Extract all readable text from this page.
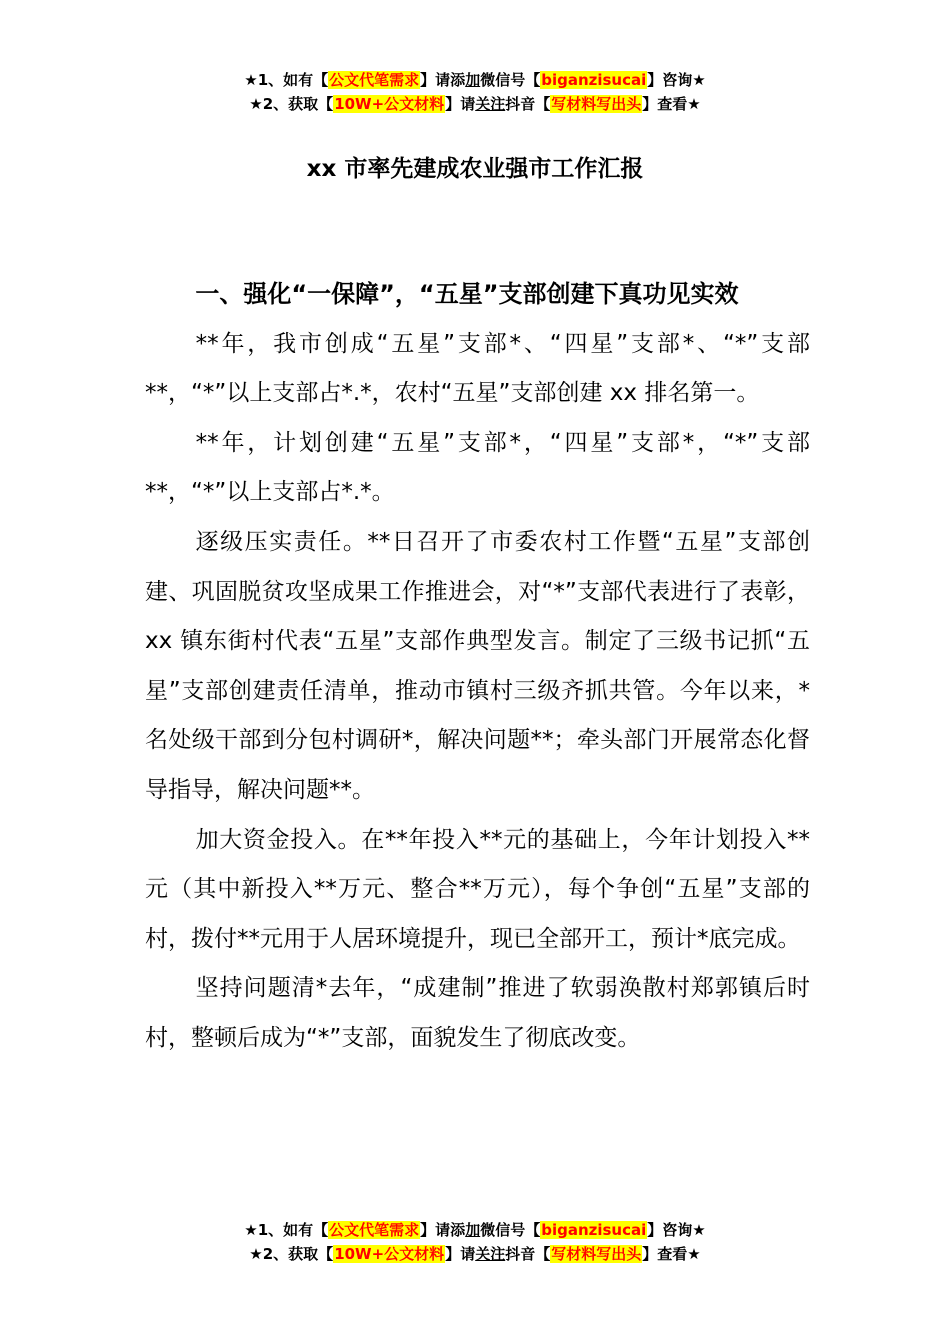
★1、如有【公文代笔需求】请添加微信号【biganzisucai】咨询★
★2、获取【10W+公文材料】请关注抖音【写材料写出头】查看★
xx 市率先建成农业强市工作汇报
一、强化“一保障”，“五星”支部创建下真功见实效

**年，我市创成“五星”支部*、“四星”支部*、“*”支部**，“*”以上支部占*.*，农村“五星”支部创建 xx 排名第一。

**年，计划创建“五星”支部*，“四星”支部*，“*”支部**，“*”以上支部占*.*。

逐级压实责任。**日召开了市委农村工作暨“五星”支部创建、巩固脱贫攻坚成果工作推进会，对“*”支部代表进行了表彰，xx 镇东街村代表“五星”支部作典型发言。制定了三级书记抓“五星”支部创建责任清单，推动市镇村三级齐抓共管。今年以来，*名处级干部到分包村调研*，解决问题**；牵头部门开展常态化督导指导，解决问题**。

加大资金投入。在**年投入**元的基础上，今年计划投入**元（其中新投入**万元、整合**万元），每个争创“五星”支部的村，拨付**元用于人居环境提升，现已全部开工，预计*底完成。

坚持问题清*去年，“成建制”推进了软弱涣散村郑郭镇后时村，整顿后成为“*”支部，面貌发生了彻底改变。

★1、如有【公文代笔需求】请添加微信号【biganzisucai】咨询★
★2、获取【10W+公文材料】请关注抖音【写材料写出头】查看★
